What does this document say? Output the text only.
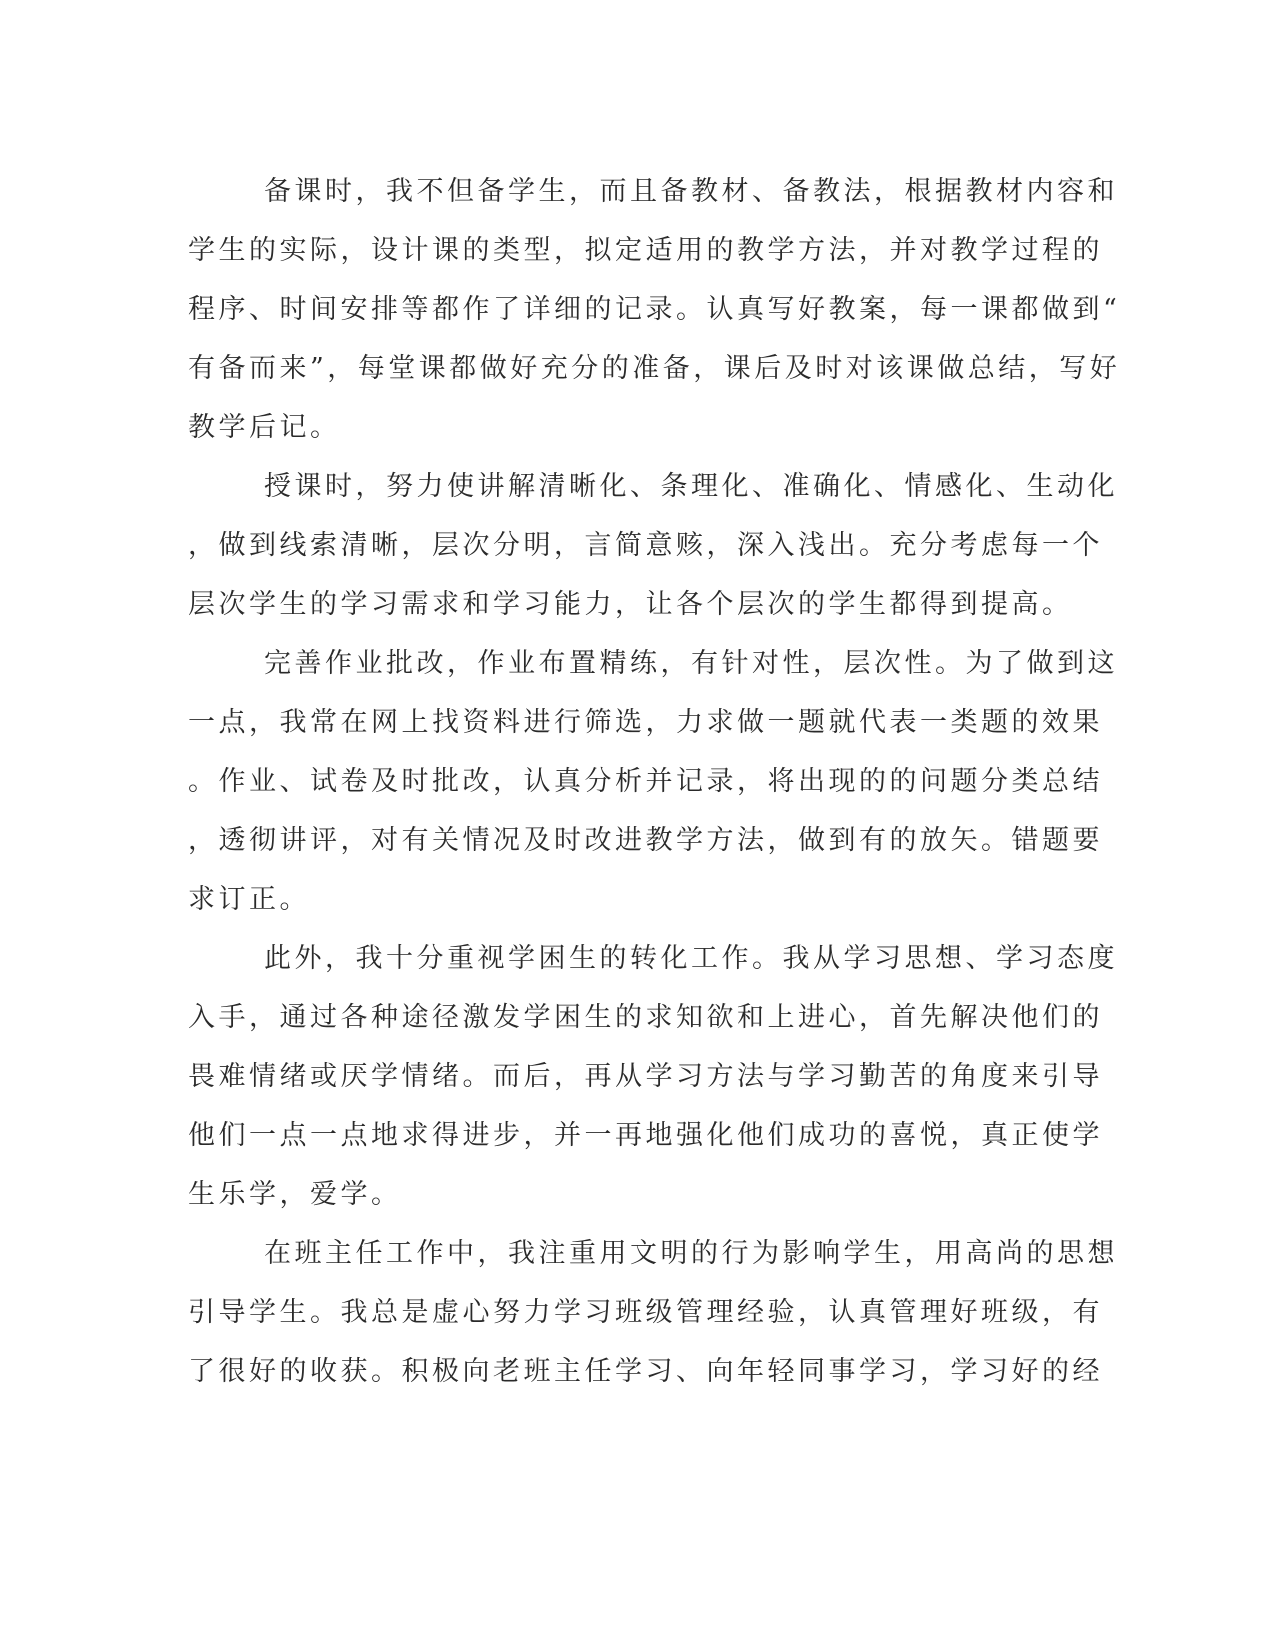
备课时，我不但备学生，而且备教材、备教法，根据教材内容和
学生的实际，设计课的类型，拟定适用的教学方法，并对教学过程的
程序、时间安排等都作了详细的记录。认真写好教案，每一课都做到“
有备而来”，每堂课都做好充分的准备，课后及时对该课做总结，写好
教学后记。
授课时，努力使讲解清晰化、条理化、准确化、情感化、生动化
，做到线索清晰，层次分明，言简意赅，深入浅出。充分考虑每一个
层次学生的学习需求和学习能力，让各个层次的学生都得到提高。
完善作业批改，作业布置精练，有针对性，层次性。为了做到这
一点，我常在网上找资料进行筛选，力求做一题就代表一类题的效果
。作业、试卷及时批改，认真分析并记录，将出现的的问题分类总结
，透彻讲评，对有关情况及时改进教学方法，做到有的放矢。错题要
求订正。
此外，我十分重视学困生的转化工作。我从学习思想、学习态度
入手，通过各种途径激发学困生的求知欲和上进心，首先解决他们的
畏难情绪或厌学情绪。而后，再从学习方法与学习勤苦的角度来引导
他们一点一点地求得进步，并一再地强化他们成功的喜悦，真正使学
生乐学，爱学。
在班主任工作中，我注重用文明的行为影响学生，用高尚的思想
引导学生。我总是虚心努力学习班级管理经验，认真管理好班级，有
了很好的收获。积极向老班主任学习、向年轻同事学习，学习好的经
